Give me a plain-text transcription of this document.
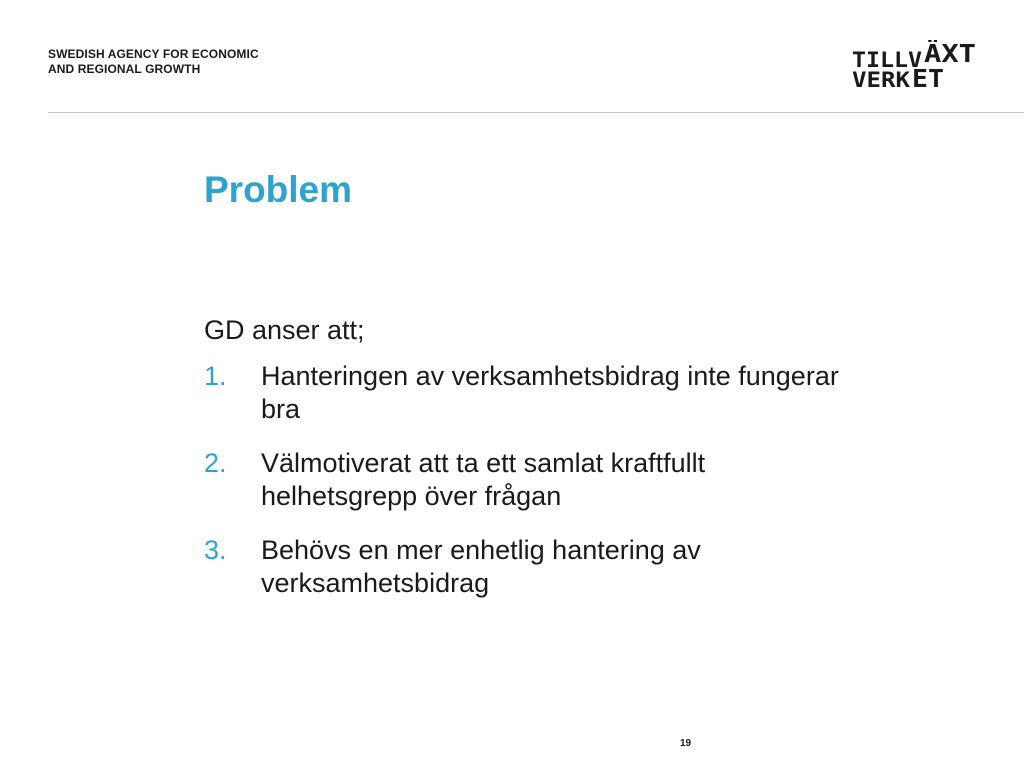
SWEDISH AGENCY FOR ECONOMIC
AND REGIONAL GROWTH	TILLV ÄXT
VERK ET
Problem

GD anser att;

1.	Hanteringen av verksamhetsbidrag inte fungerar bra
2.	Välmotiverat att ta ett samlat kraftfullt helhetsgrepp över frågan
3.	Behövs en mer enhetlig hantering av verksamhetsbidrag
19
